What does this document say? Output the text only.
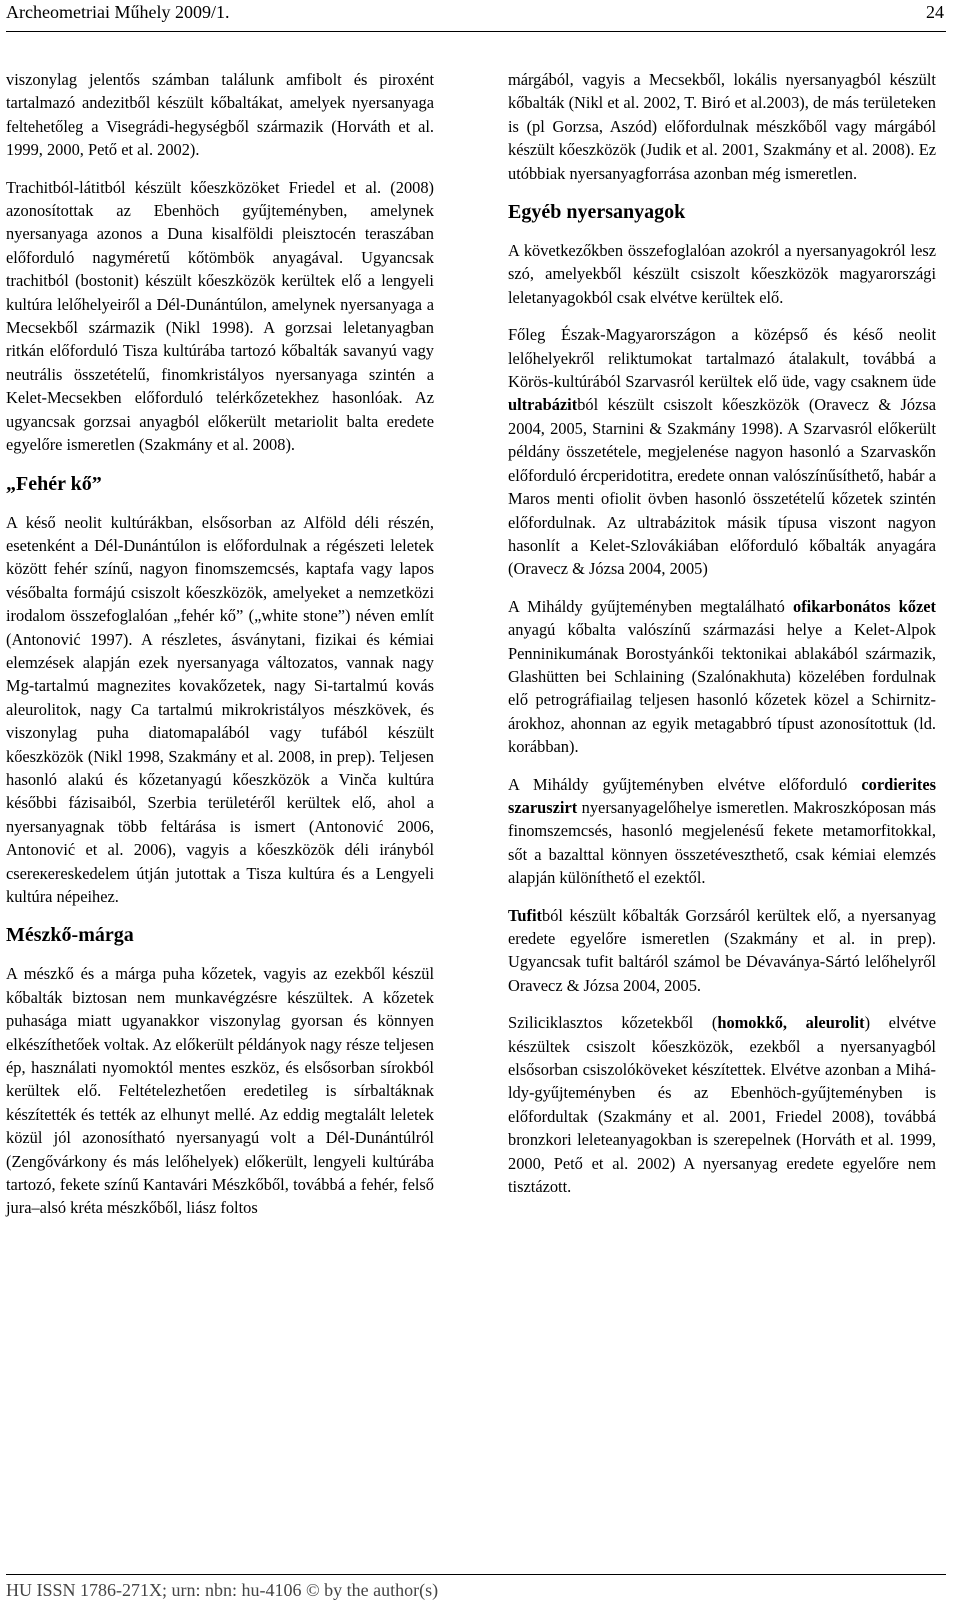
Archeometriai Műhely 2009/1.	24

viszonylag jelentős számban találunk amfibolt és piroxént tartalmazó andezitből készült kőbaltákat, amelyek nyersanyaga feltehetőleg a Visegrádi-hegységből származik (Horváth et al. 1999, 2000, Pető et al. 2002).

Trachitból-látitból készült kőeszközöket Friedel et al. (2008) azonosítottak az Ebenhöch gyűjteményben, amelynek nyersanyaga azonos a Duna kisalföldi pleisztocén teraszában előforduló nagyméretű kőtömbök anyagával. Ugyancsak trachitból (bostonit) készült kőeszközök kerültek elő a lengyeli kultúra lelőhelyeiről a Dél-Dunántúlon, amelynek nyersanyaga a Mecsekből származik (Nikl 1998). A gorzsai leletanyagban ritkán előforduló Tisza kultúrába tartozó kőbalták savanyú vagy neutrális összetételű, finomkristályos nyersanyaga szintén a Kelet-Mecsekben előforduló telérkőzetekhez hasonlóak. Az ugyancsak gorzsai anyagból előkerült metariolit balta eredete egyelőre ismeretlen (Szakmány et al. 2008).

„Fehér kő”

A késő neolit kultúrákban, elsősorban az Alföld déli részén, esetenként a Dél-Dunántúlon is előfordulnak a régészeti leletek között fehér színű, nagyon finomszemcsés, kaptafa vagy lapos vésőbalta formájú csiszolt kőeszközök, amelyeket a nemzetközi irodalom összefoglalóan „fehér kő” („white stone”) néven említ (Antonović 1997). A részletes, ásványtani, fizikai és kémiai elemzések alapján ezek nyersanyaga változatos, vannak nagy Mg-tartalmú magnezites kovakőzetek, nagy Si-tartalmú kovás aleurolitok, nagy Ca tartalmú mikrokristályos mészkövek, és viszonylag puha diatomapalából vagy tufából készült kőeszközök (Nikl 1998, Szakmány et al. 2008, in prep). Teljesen hasonló alakú és kőzetanyagú kőeszközök a Vinča kultúra későbbi fázisaiból, Szerbia területéről kerültek elő, ahol a nyersanyagnak több feltárása is ismert (Antonović 2006, Antonović et al. 2006), vagyis a kőeszközök déli irányból csereкereskedelem útján jutottak a Tisza kultúra és a Lengyeli kultúra népeihez.

Mészkő-márga

A mészkő és a márga puha kőzetek, vagyis az ezekből készül kőbalták biztosan nem munkavégzésre készültek. A kőzetek puhasága miatt ugyanakkor viszonylag gyorsan és könnyen elkészíthetőek voltak. Az előkerült példányok nagy része teljesen ép, használati nyomoktól mentes eszköz, és elsősorban sírokból kerültek elő. Feltételezhetően eredetileg is sírbaltáknak készítették és tették az elhunyt mellé. Az eddig megtalált leletek közül jól azonosítható nyersanyagú volt a Dél-Dunántúlról (Zengővárkony és más lelőhelyek) előkerült, lengyeli kultúrába tartozó, fekete színű Kantavári Mészkőből, továbbá a fehér, felső jura–alsó kréta mészkőből, liász foltos

márgából, vagyis a Mecsekből, lokális nyersanyagból készült kőbalták (Nikl et al. 2002, T. Biró et al.2003), de más területeken is (pl Gorzsa, Aszód) előfordulnak mészkőből vagy márgából készült kőeszközök (Judik et al. 2001, Szakmány et al. 2008). Ez utóbbiak nyersanyagforrása azonban még ismeretlen.

Egyéb nyersanyagok

A következőkben összefoglalóan azokról a nyersanyagokról lesz szó, amelyekből készült csiszolt kőeszközök magyarországi leletanyagokból csak elvétve kerültek elő.

Főleg Észak-Magyarországon a középső és késő neolit lelőhelyekről reliktumokat tartalmazó átalakult, továbbá a Körös-kultúrából Szarvasról kerültek elő üde, vagy csaknem üde ultrabázitból készült csiszolt kőeszközök (Oravecz & Józsa 2004, 2005, Starnini & Szakmány 1998). A Szarvasról előkerült példány összetétele, megjelenése nagyon hasonló a Szarvaskőn előforduló ércperidotitra, eredete onnan valószínűsíthető, habár a Maros menti ofiolit övben hasonló összetételű kőzetek szintén előfordulnak. Az ultrabázitok másik típusa viszont nagyon hasonlít a Kelet-Szlovákiában előforduló kőbalták anyagára (Oravecz & Józsa 2004, 2005)

A Miháldy gyűjteményben megtalálható ofikarbonátos kőzet anyagú kőbalta valószínű származási helye a Kelet-Alpok Penninikumának Borostyánkői tektonikai ablakából származik, Glashütten bei Schlaining (Szalónakhuta) közelében fordulnak elő petrográfiailag teljesen hasonló kőzetek közel a Schirnitz-árokhoz, ahonnan az egyik metagabbró típust azonosítottuk (ld. korábban).

A Miháldy gyűjteményben elvétve előforduló cordierites szaruszirt nyersanyagelőhelye ismeretlen. Makroszkóposan más finomszemcsés, hasonló megjelenésű fekete metamorfitokkal, sőt a bazalttal könnyen összetéveszthető, csak kémiai elemzés alapján különíthető el ezektől.

Tufitból készült kőbalták Gorzsáról kerültek elő, a nyersanyag eredete egyelőre ismeretlen (Szakmány et al. in prep). Ugyancsak tufit baltáról számol be Dévaványa-Sártó lelőhelyről Oravecz & Józsa 2004, 2005.

Sziliciklasztos kőzetekből (homokkő, aleurolit) elvétve készültek csiszolt kőeszközök, ezekből a nyersanyagból elsősorban csiszolóköveket készítettek. Elvétve azonban a Miháldy-gyűjteményben és az Ebenhöch-gyűjteményben is előfordultak (Szakmány et al. 2001, Friedel 2008), továbbá bronzkori leleteanyagokban is szerepelnek (Horváth et al. 1999, 2000, Pető et al. 2002) A nyersanyag eredete egyelőre nem tisztázott.

HU ISSN 1786-271X; urn: nbn: hu-4106 © by the author(s)
